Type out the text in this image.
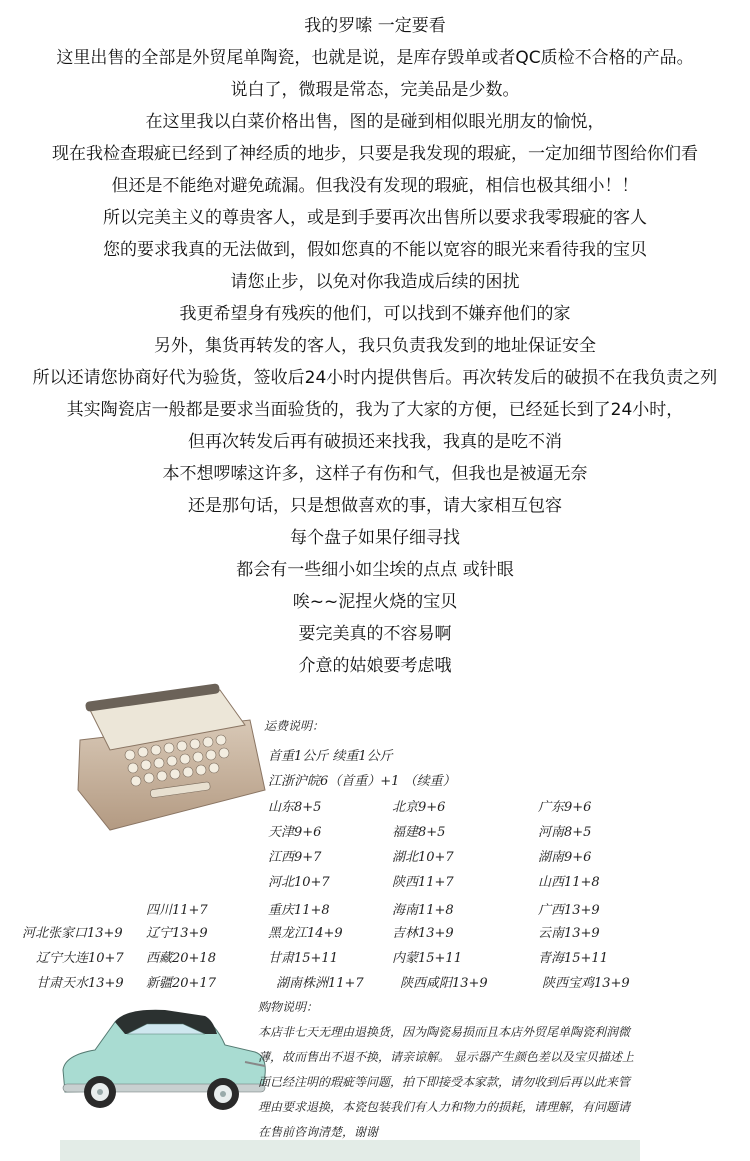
我的罗嗦 一定要看
这里出售的全部是外贸尾单陶瓷，也就是说，是库存毁单或者QC质检不合格的产品。
说白了，微瑕是常态，完美品是少数。
在这里我以白菜价格出售，图的是碰到相似眼光朋友的愉悦，
现在我检查瑕疵已经到了神经质的地步，只要是我发现的瑕疵，一定加细节图给你们看
但还是不能绝对避免疏漏。但我没有发现的瑕疵，相信也极其细小！！
所以完美主义的尊贵客人，或是到手要再次出售所以要求我零瑕疵的客人
您的要求我真的无法做到，假如您真的不能以宽容的眼光来看待我的宝贝
请您止步，以免对你我造成后续的困扰
我更希望身有残疾的他们，可以找到不嫌弃他们的家
另外，集货再转发的客人，我只负责我发到的地址保证安全
所以还请您协商好代为验货，签收后24小时内提供售后。再次转发后的破损不在我负责之列
其实陶瓷店一般都是要求当面验货的，我为了大家的方便，已经延长到了24小时，
但再次转发后再有破损还来找我，我真的是吃不消
本不想啰嗦这许多，这样子有伤和气，但我也是被逼无奈
还是那句话，只是想做喜欢的事，请大家相互包容
每个盘子如果仔细寻找
都会有一些细小如尘埃的点点 或针眼
唉~~泥捏火烧的宝贝
要完美真的不容易啊
介意的姑娘要考虑哦
运费说明：
首重1公斤 续重1公斤
江浙沪皖6（首重）+1 （续重）
山东8+5	北京9+6	广东9+6
天津9+6	福建8+5	河南8+5
江西9+7	湖北10+7	湖南9+6
河北10+7	陕西11+7	山西11+8
四川11+7	重庆11+8	海南11+8	广西13+9
河北张家口13+9 辽宁13+9	黑龙江14+9	吉林13+9	云南13+9
辽宁大连10+7 西藏20+18	甘肃15+11	内蒙15+11	青海15+11
甘肃天水13+9 新疆20+17	湖南株洲11+7	陕西咸阳13+9	陕西宝鸡13+9
购物说明：
本店非七天无理由退换货，因为陶瓷易损而且本店外贸尾单陶瓷利润微薄，故而售出不退不换，请亲谅解。 显示器产生颜色差以及宝贝描述上面已经注明的瑕疵等问题，拍下即接受本家款，请勿收到后再以此来管理由要求退换，本瓷包装我们有人力和物力的损耗，请理解，有问题请在售前咨询清楚，谢谢
